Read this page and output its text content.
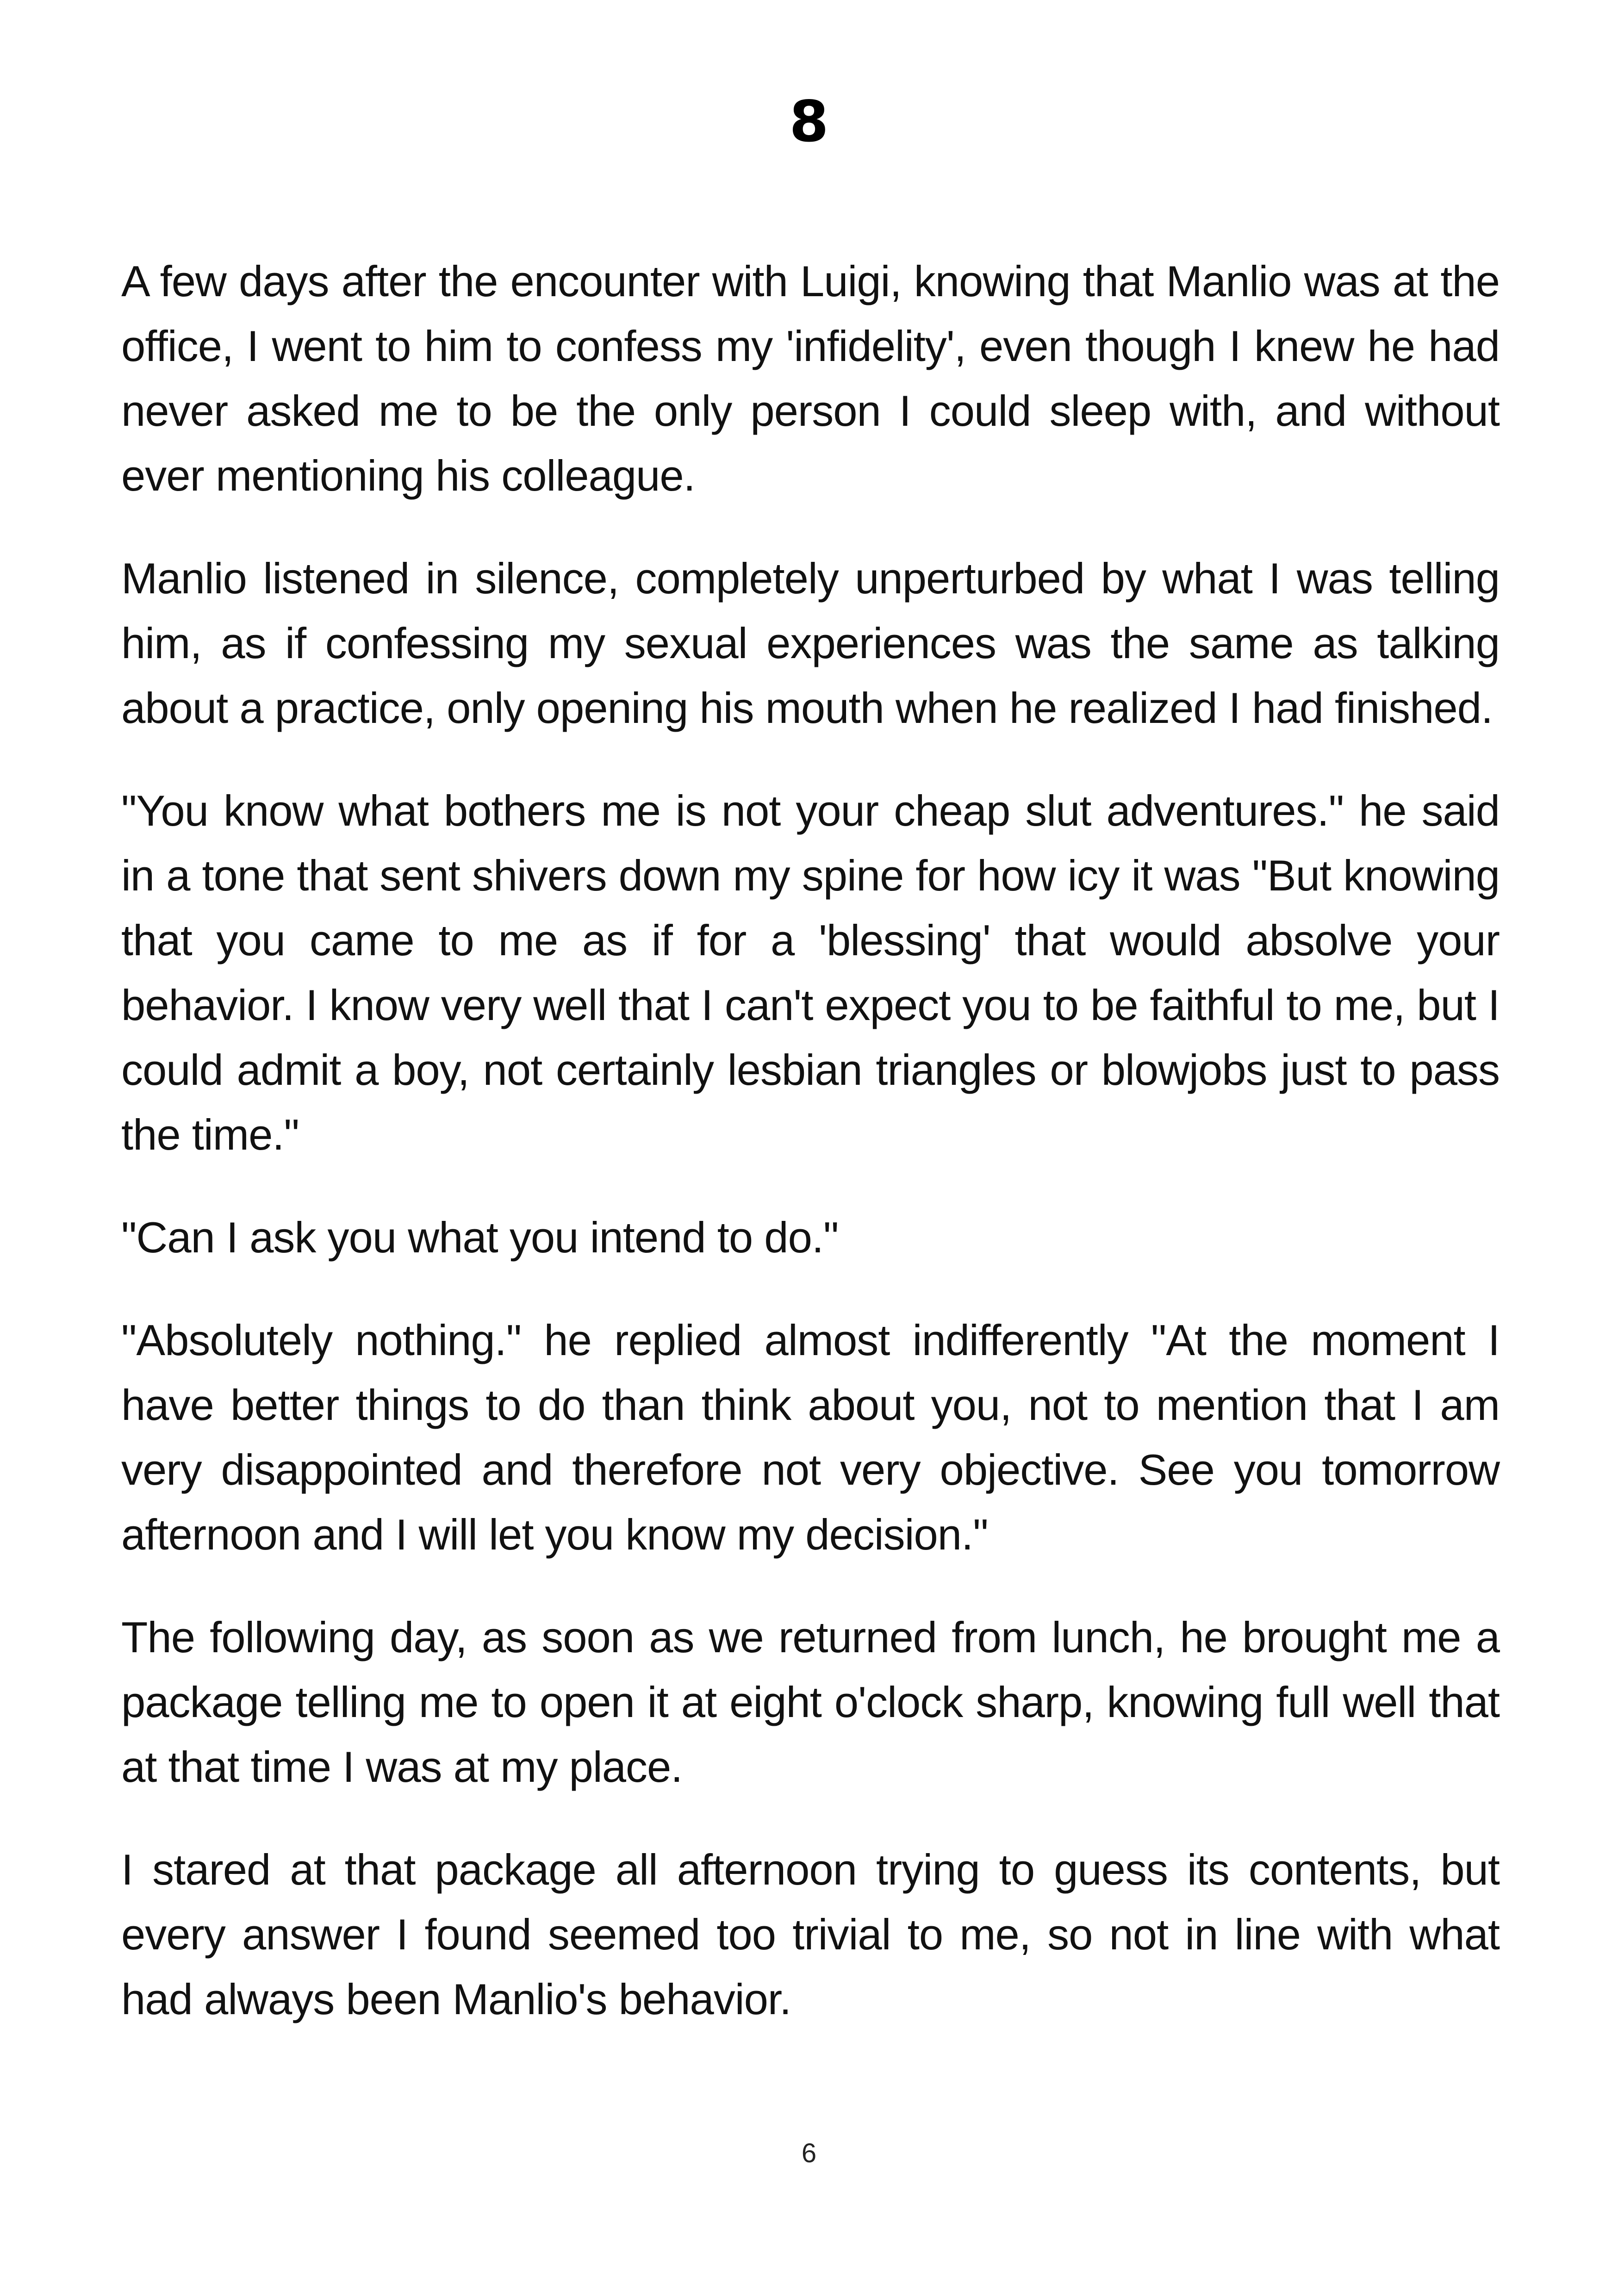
8

A few days after the encounter with Luigi, knowing that Manlio was at the office, I went to him to confess my 'infidelity', even though I knew he had never asked me to be the only person I could sleep with, and without ever mentioning his colleague.

Manlio listened in silence, completely unperturbed by what I was telling him, as if confessing my sexual experiences was the same as talking about a practice, only opening his mouth when he realized I had finished.

"You know what bothers me is not your cheap slut adventures." he said in a tone that sent shivers down my spine for how icy it was "But knowing that you came to me as if for a 'blessing' that would absolve your behavior. I know very well that I can't expect you to be faithful to me, but I could admit a boy, not certainly lesbian triangles or blowjobs just to pass the time."

"Can I ask you what you intend to do."

"Absolutely nothing." he replied almost indifferently "At the moment I have better things to do than think about you, not to mention that I am very disappointed and therefore not very objective. See you tomorrow afternoon and I will let you know my decision."

The following day, as soon as we returned from lunch, he brought me a package telling me to open it at eight o'clock sharp, knowing full well that at that time I was at my place.

I stared at that package all afternoon trying to guess its contents, but every answer I found seemed too trivial to me, so not in line with what had always been Manlio's behavior.

6
